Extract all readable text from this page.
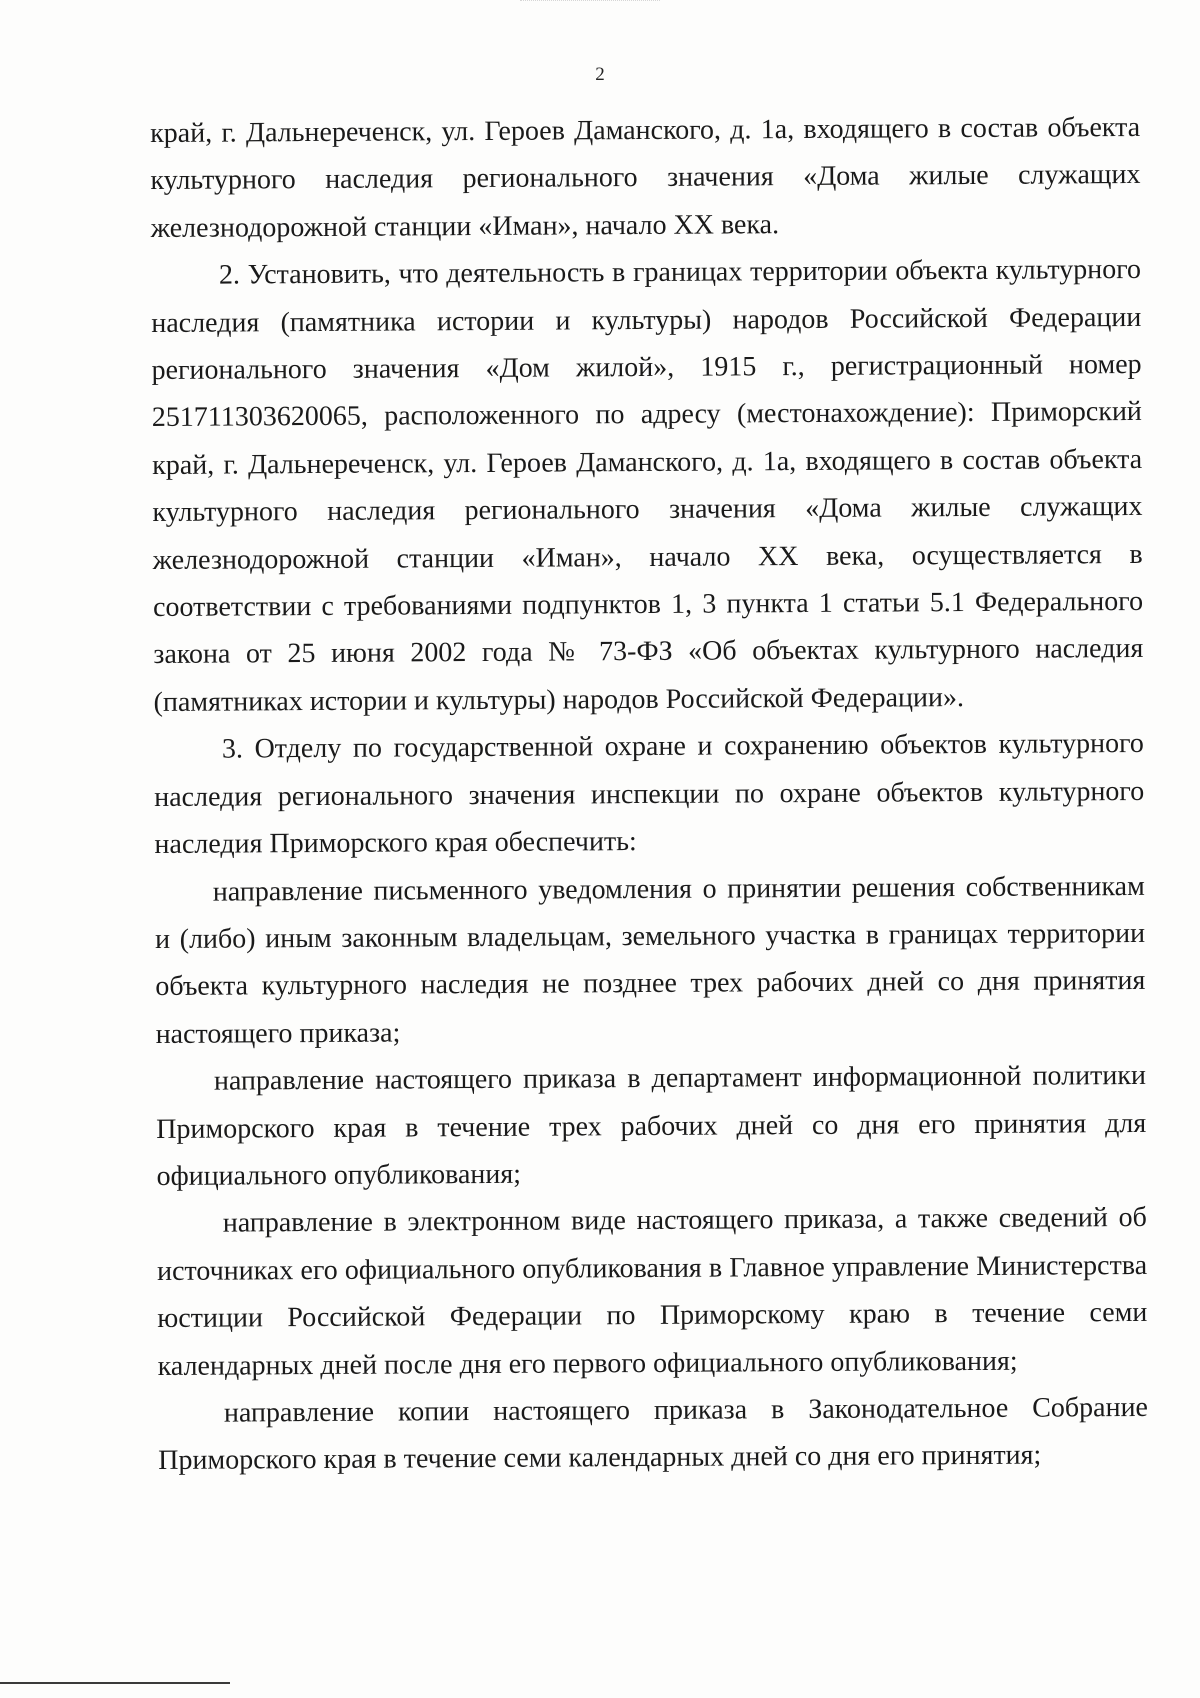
2

край, г. Дальнереченск, ул. Героев Даманского, д. 1а, входящего в состав объекта культурного наследия регионального значения «Дома жилые служащих железнодорожной станции «Иман», начало XX века.

2. Установить, что деятельность в границах территории объекта культурного наследия (памятника истории и культуры) народов Российской Федерации регионального значения «Дом жилой», 1915 г., регистрационный номер 251711303620065, расположенного по адресу (местонахождение): Приморский край, г. Дальнереченск, ул. Героев Даманского, д. 1а, входящего в состав объекта культурного наследия регионального значения «Дома жилые служащих железнодорожной станции «Иман», начало XX века, осуществляется в соответствии с требованиями подпунктов 1, 3 пункта 1 статьи 5.1 Федерального закона от 25 июня 2002 года № 73-ФЗ «Об объектах культурного наследия (памятниках истории и культуры) народов Российской Федерации».

3. Отделу по государственной охране и сохранению объектов культурного наследия регионального значения инспекции по охране объектов культурного наследия Приморского края обеспечить:

направление письменного уведомления о принятии решения собственникам и (либо) иным законным владельцам, земельного участка в границах территории объекта культурного наследия не позднее трех рабочих дней со дня принятия настоящего приказа;

направление настоящего приказа в департамент информационной политики Приморского края в течение трех рабочих дней со дня его принятия для официального опубликования;

направление в электронном виде настоящего приказа, а также сведений об источниках его официального опубликования в Главное управление Министерства юстиции Российской Федерации по Приморскому краю в течение семи календарных дней после дня его первого официального опубликования;

направление копии настоящего приказа в Законодательное Собрание Приморского края в течение семи календарных дней со дня его принятия;
